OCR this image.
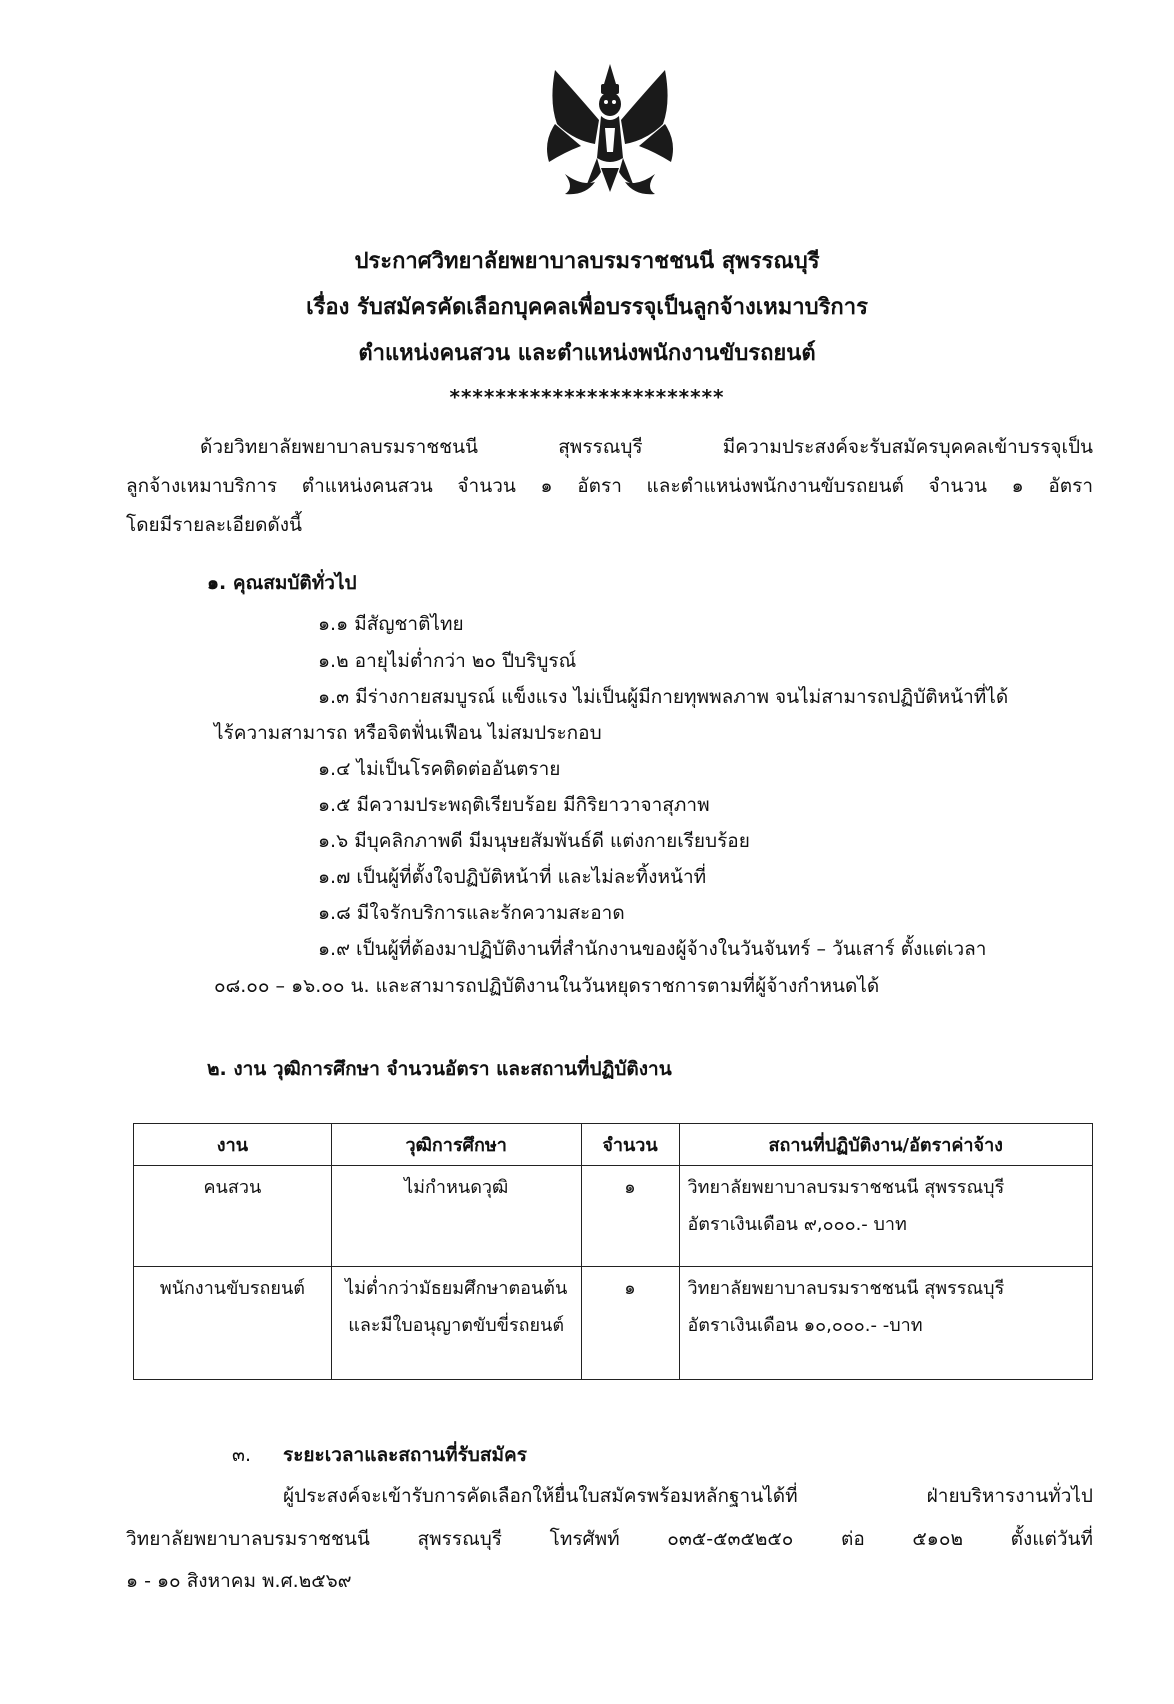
ประกาศวิทยาลัยพยาบาลบรมราชชนนี สุพรรณบุรี
เรื่อง รับสมัครคัดเลือกบุคคลเพื่อบรรจุเป็นลูกจ้างเหมาบริการ
ตำแหน่งคนสวน และตำแหน่งพนักงานขับรถยนต์
************************
ด้วยวิทยาลัยพยาบาลบรมราชชนนี สุพรรณบุรี มีความประสงค์จะรับสมัครบุคคลเข้าบรรจุเป็น
ลูกจ้างเหมาบริการ ตำแหน่งคนสวน จำนวน ๑ อัตรา และตำแหน่งพนักงานขับรถยนต์ จำนวน ๑ อัตรา
โดยมีรายละเอียดดังนี้
๑. คุณสมบัติทั่วไป
๑.๑ มีสัญชาติไทย
๑.๒ อายุไม่ต่ำกว่า ๒๐ ปีบริบูรณ์
๑.๓ มีร่างกายสมบูรณ์ แข็งแรง ไม่เป็นผู้มีกายทุพพลภาพ จนไม่สามารถปฏิบัติหน้าที่ได้
ไร้ความสามารถ หรือจิตฟั่นเฟือน ไม่สมประกอบ
๑.๔ ไม่เป็นโรคติดต่ออันตราย
๑.๕ มีความประพฤติเรียบร้อย มีกิริยาวาจาสุภาพ
๑.๖ มีบุคลิกภาพดี มีมนุษยสัมพันธ์ดี แต่งกายเรียบร้อย
๑.๗ เป็นผู้ที่ตั้งใจปฏิบัติหน้าที่ และไม่ละทิ้งหน้าที่
๑.๘ มีใจรักบริการและรักความสะอาด
๑.๙ เป็นผู้ที่ต้องมาปฏิบัติงานที่สำนักงานของผู้จ้างในวันจันทร์ – วันเสาร์ ตั้งแต่เวลา
๐๘.๐๐ – ๑๖.๐๐ น. และสามารถปฏิบัติงานในวันหยุดราชการตามที่ผู้จ้างกำหนดได้
๒. งาน วุฒิการศึกษา จำนวนอัตรา และสถานที่ปฏิบัติงาน
งาน	วุฒิการศึกษา	จำนวน	สถานที่ปฏิบัติงาน/อัตราค่าจ้าง
คนสวน	ไม่กำหนดวุฒิ	๑	วิทยาลัยพยาบาลบรมราชชนนี สุพรรณบุรี
อัตราเงินเดือน ๙,๐๐๐.- บาท

พนักงานขับรถยนต์	ไม่ต่ำกว่ามัธยมศึกษาตอนต้น
และมีใบอนุญาตขับขี่รถยนต์	๑	วิทยาลัยพยาบาลบรมราชชนนี สุพรรณบุรี
อัตราเงินเดือน ๑๐,๐๐๐.- -บาท
๓. ระยะเวลาและสถานที่รับสมัคร
ผู้ประสงค์จะเข้ารับการคัดเลือกให้ยื่นใบสมัครพร้อมหลักฐานได้ที่ ฝ่ายบริหารงานทั่วไป
วิทยาลัยพยาบาลบรมราชชนนี สุพรรณบุรี โทรศัพท์ ๐๓๕-๕๓๕๒๕๐ ต่อ ๕๑๐๒ ตั้งแต่วันที่
๑ - ๑๐ สิงหาคม พ.ศ.๒๕๖๙
